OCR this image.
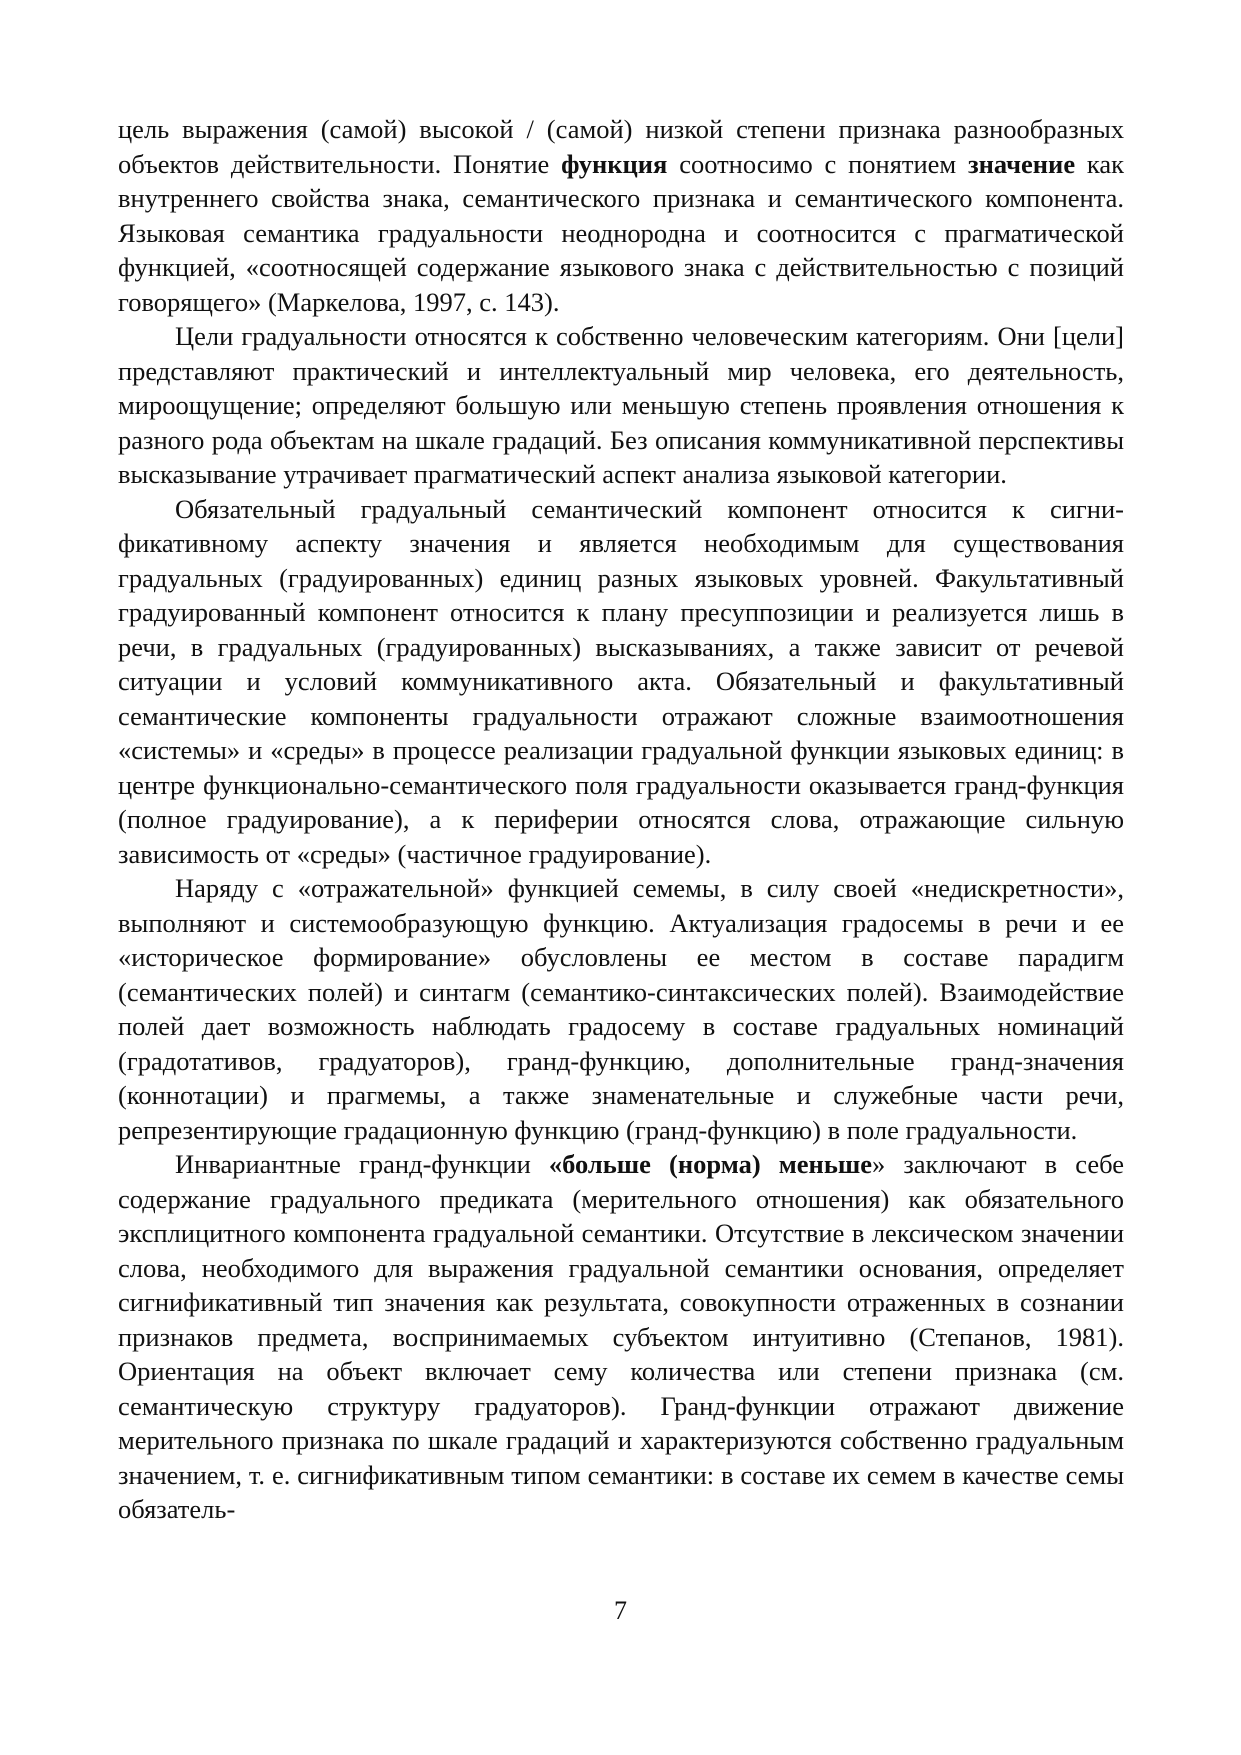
цель выражения (самой) высокой / (самой) низкой степени признака разнообразных объектов действительности. Понятие функция соотносимо с понятием значение как внутреннего свойства знака, семантического признака и семантического компонента. Языковая семантика градуальности неоднородна и соотносится с прагматической функцией, «соотносящей содержание языкового знака с действительностью с позиций говорящего» (Маркелова, 1997, с. 143).

Цели градуальности относятся к собственно человеческим категориям. Они [цели] представляют практический и интеллектуальный мир человека, его деятельность, мироощущение; определяют большую или меньшую степень проявления отношения к разного рода объектам на шкале градаций. Без описания коммуникативной перспективы высказывание утрачивает прагматический аспект анализа языковой категории.

Обязательный градуальный семантический компонент относится к сигнификативному аспекту значения и является необходимым для существования градуальных (градуированных) единиц разных языковых уровней. Факультативный градуированный компонент относится к плану пресуппозиции и реализуется лишь в речи, в градуальных (градуированных) высказываниях, а также зависит от речевой ситуации и условий коммуникативного акта. Обязательный и факультативный семантические компоненты градуальности отражают сложные взаимоотношения «системы» и «среды» в процессе реализации градуальной функции языковых единиц: в центре функционально-семантического поля градуальности оказывается гранд-функция (полное градуирование), а к периферии относятся слова, отражающие сильную зависимость от «среды» (частичное градуирование).

Наряду с «отражательной» функцией семемы, в силу своей «недискретности», выполняют и системообразующую функцию. Актуализация градосемы в речи и ее «историческое формирование» обусловлены ее местом в составе парадигм (семантических полей) и синтагм (семантико-синтаксических полей). Взаимодействие полей дает возможность наблюдать градосему в составе градуальных номинаций (градотативов, градуаторов), гранд-функцию, дополнительные гранд-значения (коннотации) и прагмемы, а также знаменательные и служебные части речи, репрезентирующие градационную функцию (гранд-функцию) в поле градуальности.

Инвариантные гранд-функции «больше (норма) меньше» заключают в себе содержание градуального предиката (мерительного отношения) как обязательного эксплицитного компонента градуальной семантики. Отсутствие в лексическом значении слова, необходимого для выражения градуальной семантики основания, определяет сигнификативный тип значения как результата, совокупности отраженных в сознании признаков предмета, воспринимаемых субъектом интуитивно (Степанов, 1981). Ориентация на объект включает сему количества или степени признака (см. семантическую структуру градуаторов). Гранд-функции отражают движение мерительного признака по шкале градаций и характеризуются собственно градуальным значением, т. е. сигнификативным типом семантики: в составе их семем в качестве семы обязатель-

7
